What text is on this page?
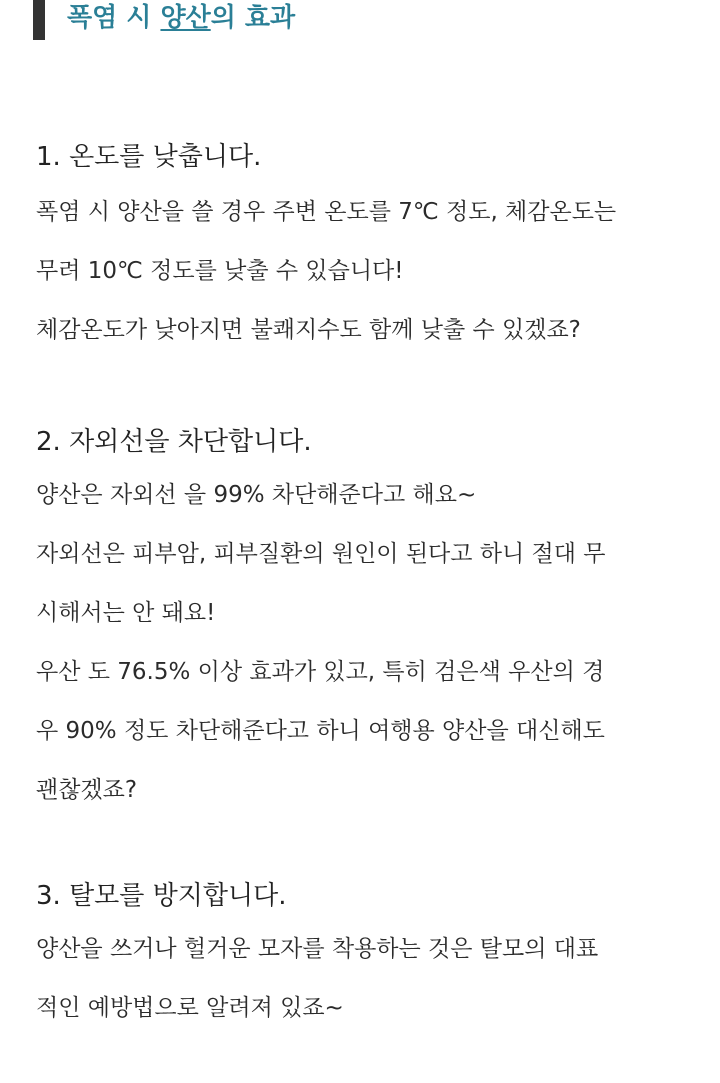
폭염 시 양산의 효과
1. 온도를 낮춥니다.
폭염 시 양산을 쓸 경우 주변 온도를 7℃ 정도, 체감온도는
무려 10℃ 정도를 낮출 수 있습니다!
체감온도가 낮아지면 불쾌지수도 함께 낮출 수 있겠죠?
2. 자외선을 차단합니다.
양산은 자외선 을 99% 차단해준다고 해요~
자외선은 피부암, 피부질환의 원인이 된다고 하니 절대 무
시해서는 안 돼요!
우산 도 76.5% 이상 효과가 있고, 특히 검은색 우산의 경
우 90% 정도 차단해준다고 하니 여행용 양산을 대신해도
괜찮겠죠?
3. 탈모를 방지합니다.
양산을 쓰거나 헐거운 모자를 착용하는 것은 탈모의 대표
적인 예방법으로 알려져 있죠~
